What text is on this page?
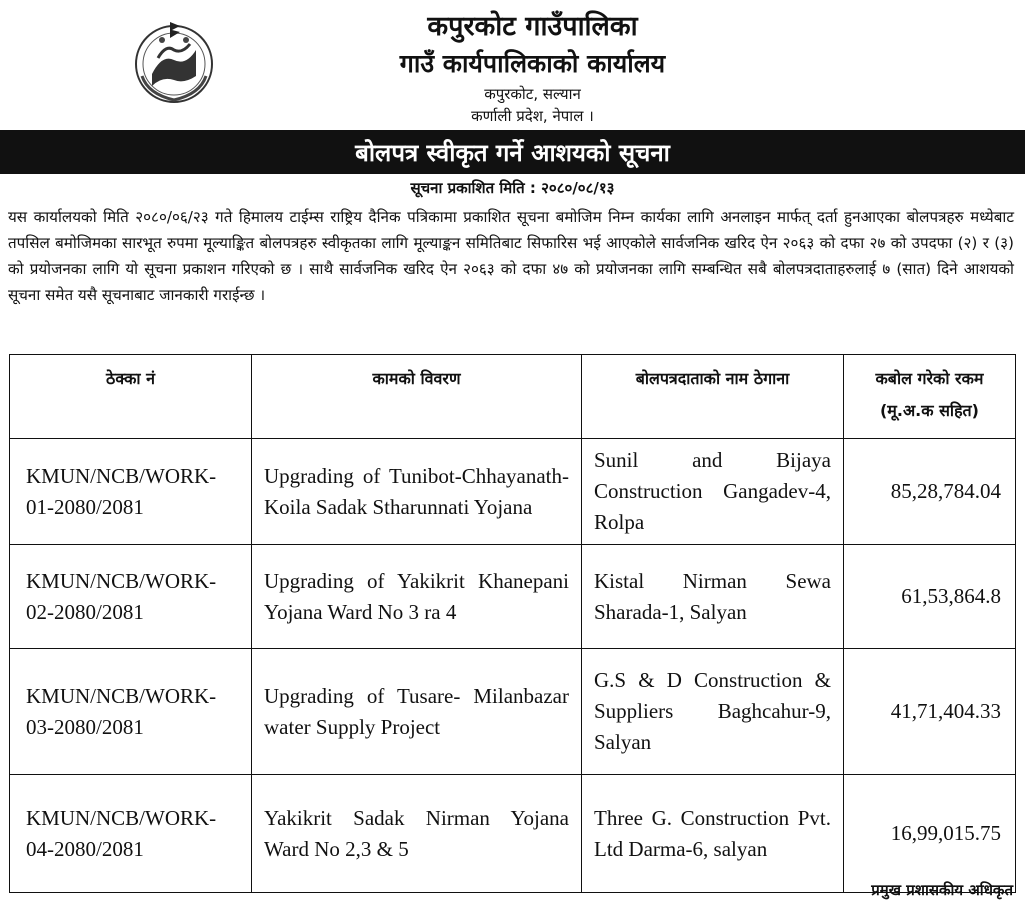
कपुरकोट गाउँपालिका
गाउँ कार्यपालिकाको कार्यालय
कपुरकोट, सल्यान
कर्णाली प्रदेश, नेपाल ।
बोलपत्र स्वीकृत गर्ने आशयको सूचना
सूचना प्रकाशित मिति : २०८०/०८/१३
यस कार्यालयको मिति २०८०/०६/२३ गते हिमालय टाईम्स राष्ट्रिय दैनिक पत्रिकामा प्रकाशित सूचना बमोजिम निम्न कार्यका लागि अनलाइन मार्फत् दर्ता हुनआएका बोलपत्रहरु मध्येबाट तपसिल बमोजिमका सारभूत रुपमा मूल्याङ्कित बोलपत्रहरु स्वीकृतका लागि मूल्याङ्कन समितिबाट सिफारिस भई आएकोले सार्वजनिक खरिद ऐन २०६३ को दफा २७ को उपदफा (२) र (३) को प्रयोजनका लागि यो सूचना प्रकाशन गरिएको छ । साथै सार्वजनिक खरिद ऐन २०६३ को दफा ४७ को प्रयोजनका लागि सम्बन्धित सबै बोलपत्रदाताहरुलाई ७ (सात) दिने आशयको सूचना समेत यसै सूचनाबाट जानकारी गराईन्छ ।
ठेक्का नं	कामको विवरण	बोलपत्रदाताको नाम ठेगाना	कबोल गरेको रकम
(मू.अ.क सहित)

KMUN/NCB/WORK-01-2080/2081	Upgrading of Tunibot-Chhayanath-Koila Sadak Stharunnati Yojana	Sunil and Bijaya Construction Gangadev-4, Rolpa	85,28,784.04
KMUN/NCB/WORK-02-2080/2081	Upgrading of Yakikrit Khanepani Yojana Ward No 3 ra 4	Kistal Nirman Sewa Sharada-1, Salyan	61,53,864.8
KMUN/NCB/WORK-03-2080/2081	Upgrading of Tusare- Milanbazar water Supply Project	G.S & D Construction & Suppliers Baghcahur-9, Salyan	41,71,404.33
KMUN/NCB/WORK-04-2080/2081	Yakikrit Sadak Nirman Yojana Ward No 2,3 & 5	Three G. Construction Pvt. Ltd Darma-6, salyan	16,99,015.75
प्रमुख प्रशासकीय अधिकृत
